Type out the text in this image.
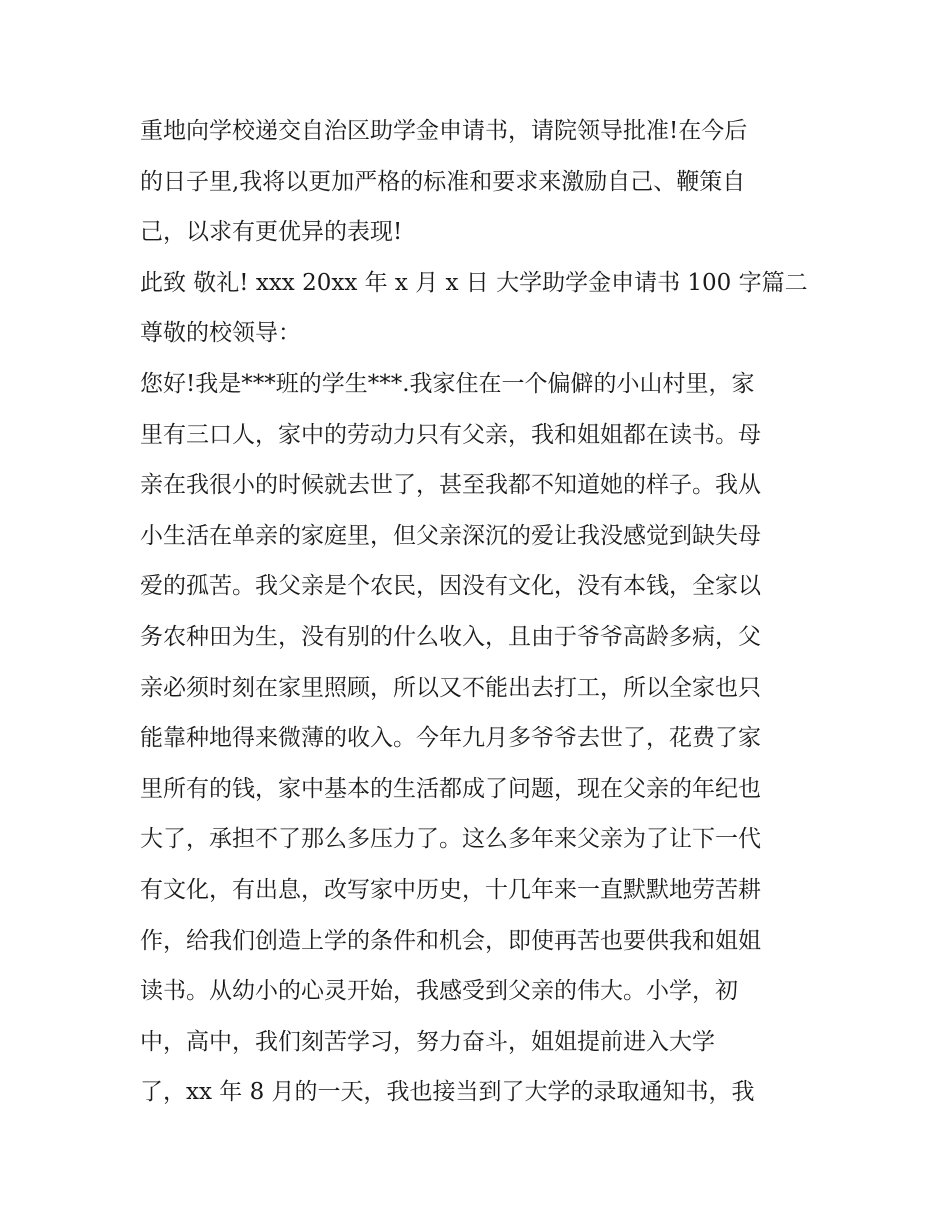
重地向学校递交自治区助学金申请书，请院领导批准!在今后
的日子里,我将以更加严格的标准和要求来激励自己、鞭策自
己，以求有更优异的表现!
此致 敬礼! xxx 20xx 年 x 月 x 日 大学助学金申请书 100 字篇二
尊敬的校领导：
您好!我是***班的学生***.我家住在一个偏僻的小山村里，家
里有三口人，家中的劳动力只有父亲，我和姐姐都在读书。母
亲在我很小的时候就去世了，甚至我都不知道她的样子。我从
小生活在单亲的家庭里，但父亲深沉的爱让我没感觉到缺失母
爱的孤苦。我父亲是个农民，因没有文化，没有本钱，全家以
务农种田为生，没有别的什么收入，且由于爷爷高龄多病，父
亲必须时刻在家里照顾，所以又不能出去打工，所以全家也只
能靠种地得来微薄的收入。今年九月多爷爷去世了，花费了家
里所有的钱，家中基本的生活都成了问题，现在父亲的年纪也
大了，承担不了那么多压力了。这么多年来父亲为了让下一代
有文化，有出息，改写家中历史，十几年来一直默默地劳苦耕
作，给我们创造上学的条件和机会，即使再苦也要供我和姐姐
读书。从幼小的心灵开始，我感受到父亲的伟大。小学，初
中，高中，我们刻苦学习，努力奋斗，姐姐提前进入大学
了，xx 年 8 月的一天，我也接当到了大学的录取通知书，我
